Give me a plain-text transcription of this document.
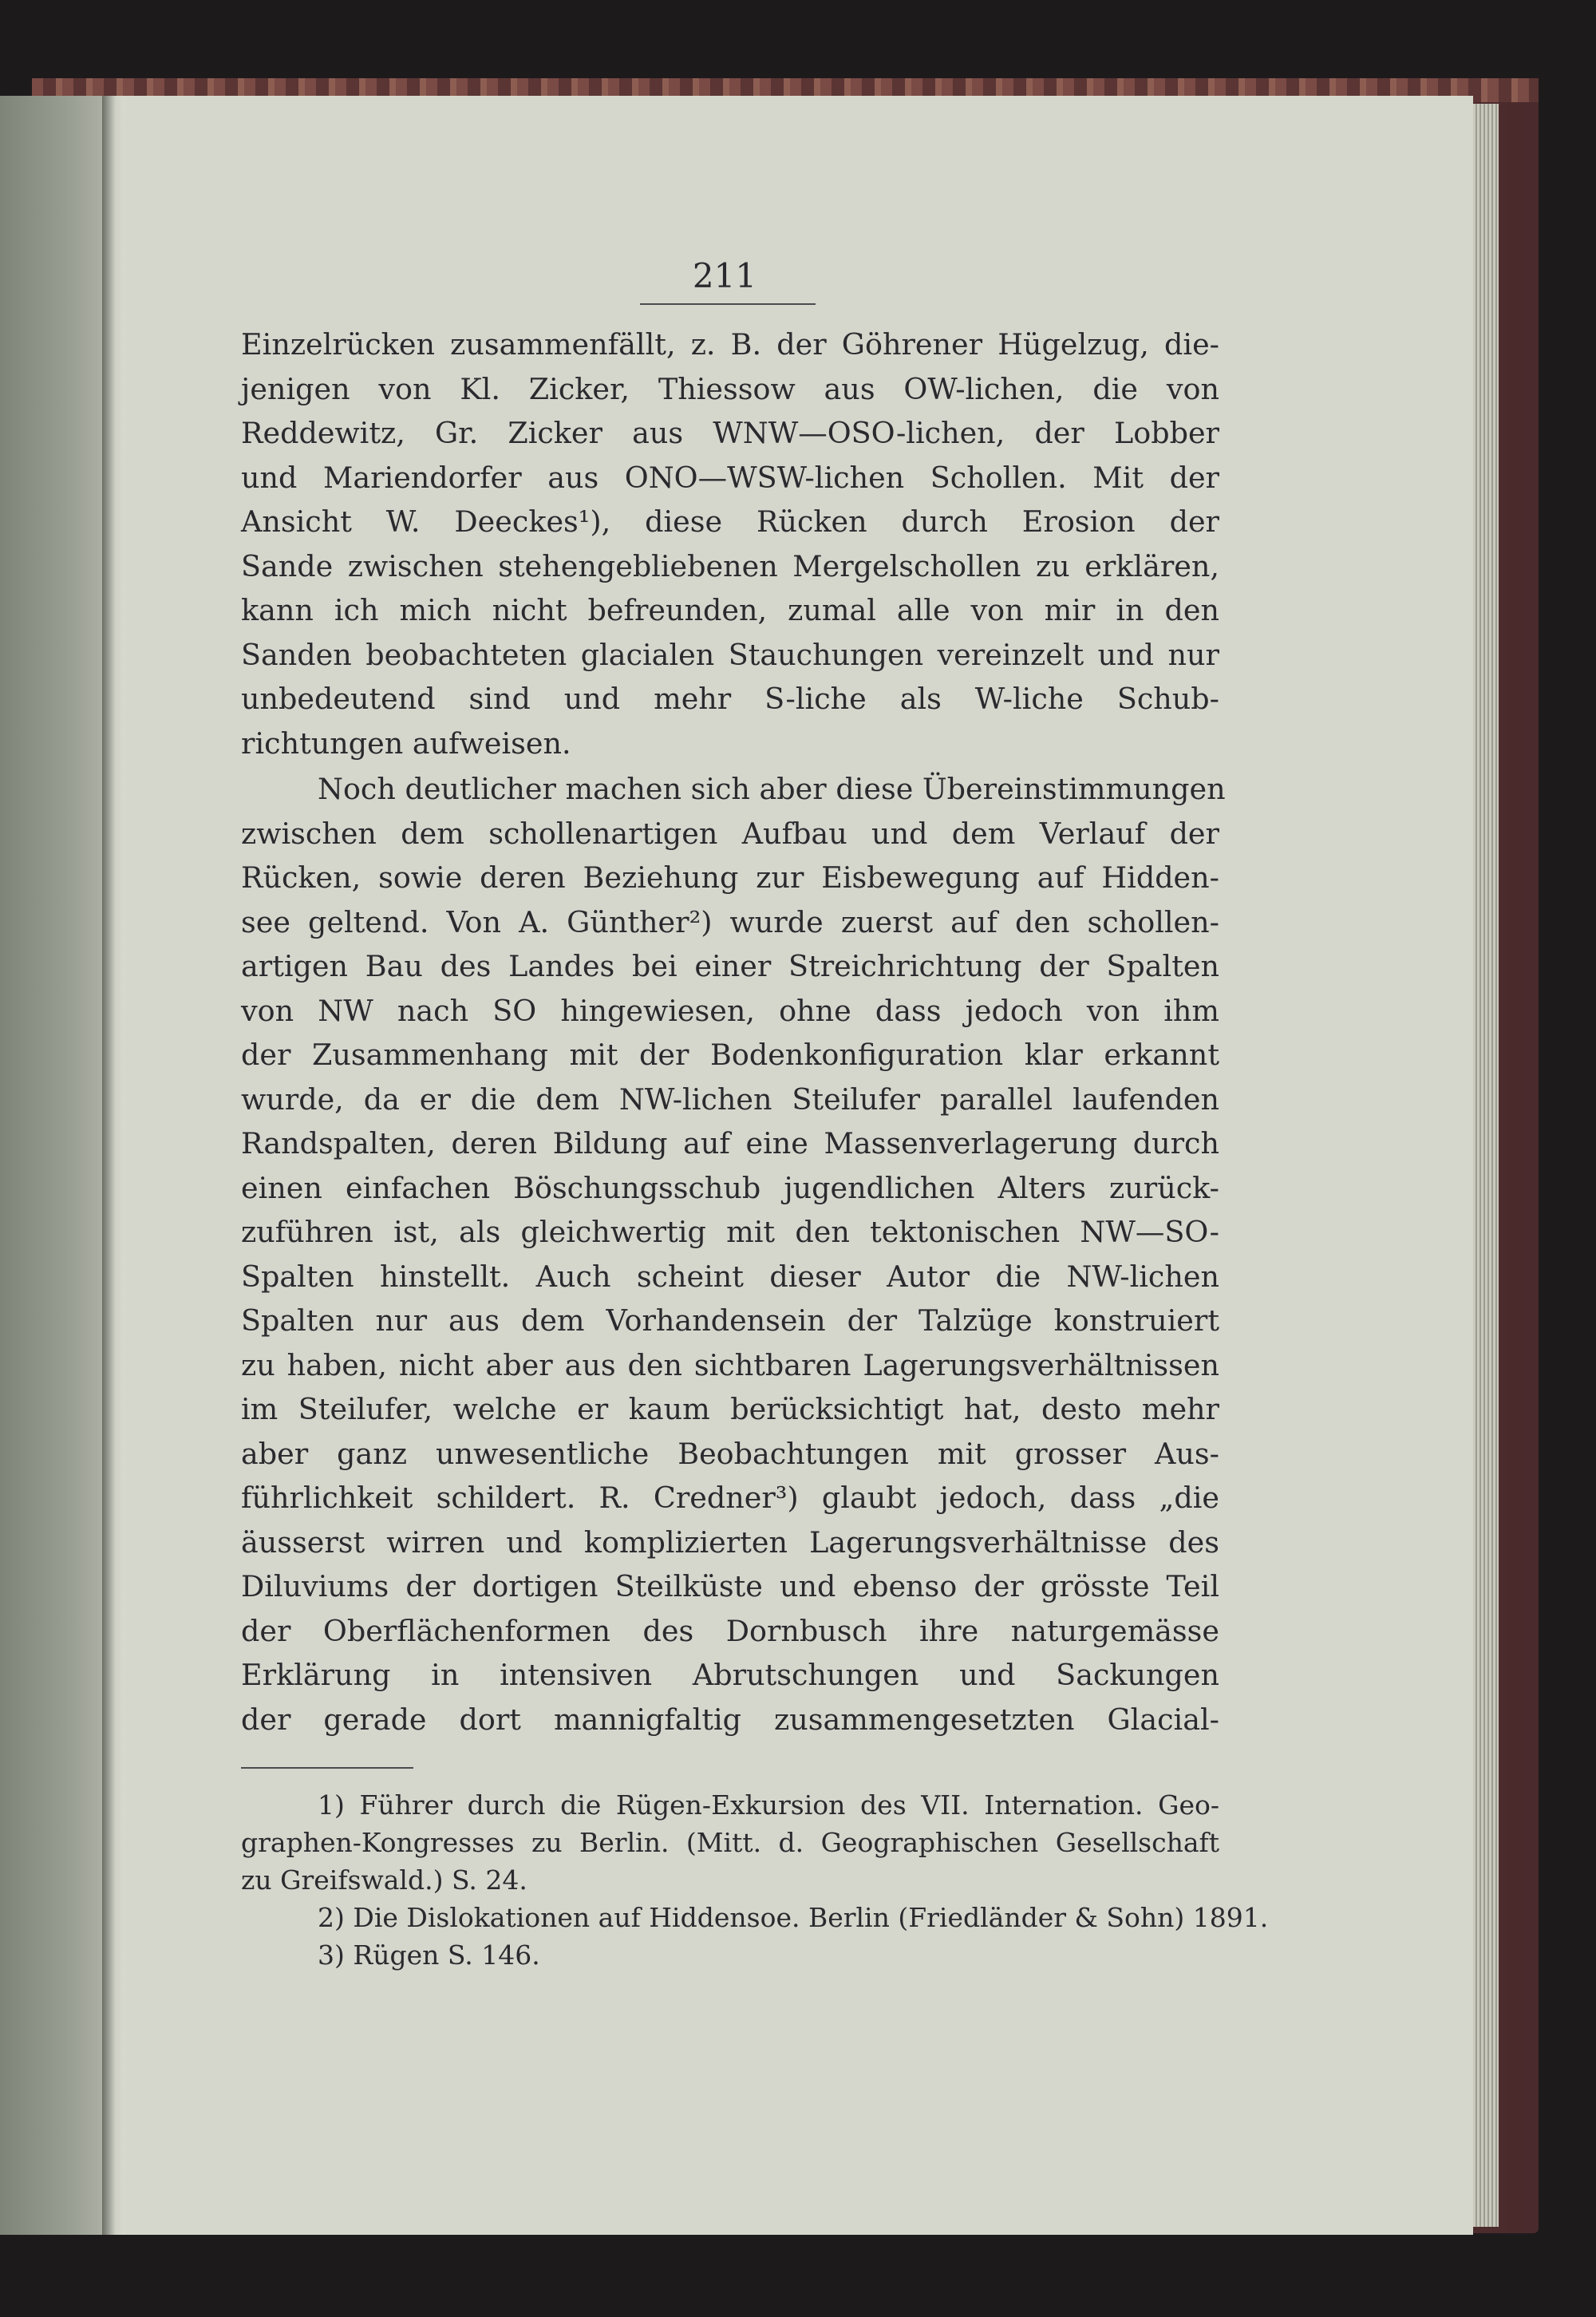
211
Einzelrücken zusammenfällt, z. B. der Göhrener Hügelzug, die-
jenigen von Kl. Zicker, Thiessow aus OW-lichen, die von
Reddewitz, Gr. Zicker aus WNW—OSO-lichen, der Lobber
und Mariendorfer aus ONO—WSW-lichen Schollen. Mit der
Ansicht W. Deeckes¹), diese Rücken durch Erosion der
Sande zwischen stehengebliebenen Mergelschollen zu erklären,
kann ich mich nicht befreunden, zumal alle von mir in den
Sanden beobachteten glacialen Stauchungen vereinzelt und nur
unbedeutend sind und mehr S-liche als W-liche Schub-
richtungen aufweisen.
Noch deutlicher machen sich aber diese Übereinstimmungen
zwischen dem schollenartigen Aufbau und dem Verlauf der
Rücken, sowie deren Beziehung zur Eisbewegung auf Hidden-
see geltend. Von A. Günther²) wurde zuerst auf den schollen-
artigen Bau des Landes bei einer Streichrichtung der Spalten
von NW nach SO hingewiesen, ohne dass jedoch von ihm
der Zusammenhang mit der Bodenkonfiguration klar erkannt
wurde, da er die dem NW-lichen Steilufer parallel laufenden
Randspalten, deren Bildung auf eine Massenverlagerung durch
einen einfachen Böschungsschub jugendlichen Alters zurück-
zuführen ist, als gleichwertig mit den tektonischen NW—SO-
Spalten hinstellt. Auch scheint dieser Autor die NW-lichen
Spalten nur aus dem Vorhandensein der Talzüge konstruiert
zu haben, nicht aber aus den sichtbaren Lagerungsverhältnissen
im Steilufer, welche er kaum berücksichtigt hat, desto mehr
aber ganz unwesentliche Beobachtungen mit grosser Aus-
führlichkeit schildert. R. Credner³) glaubt jedoch, dass „die
äusserst wirren und komplizierten Lagerungsverhältnisse des
Diluviums der dortigen Steilküste und ebenso der grösste Teil
der Oberflächenformen des Dornbusch ihre naturgemässe
Erklärung in intensiven Abrutschungen und Sackungen
der gerade dort mannigfaltig zusammengesetzten Glacial-
1) Führer durch die Rügen-Exkursion des VII. Internation. Geo-
graphen-Kongresses zu Berlin. (Mitt. d. Geographischen Gesellschaft
zu Greifswald.) S. 24.
2) Die Dislokationen auf Hiddensoe. Berlin (Friedländer & Sohn) 1891.
3) Rügen S. 146.
